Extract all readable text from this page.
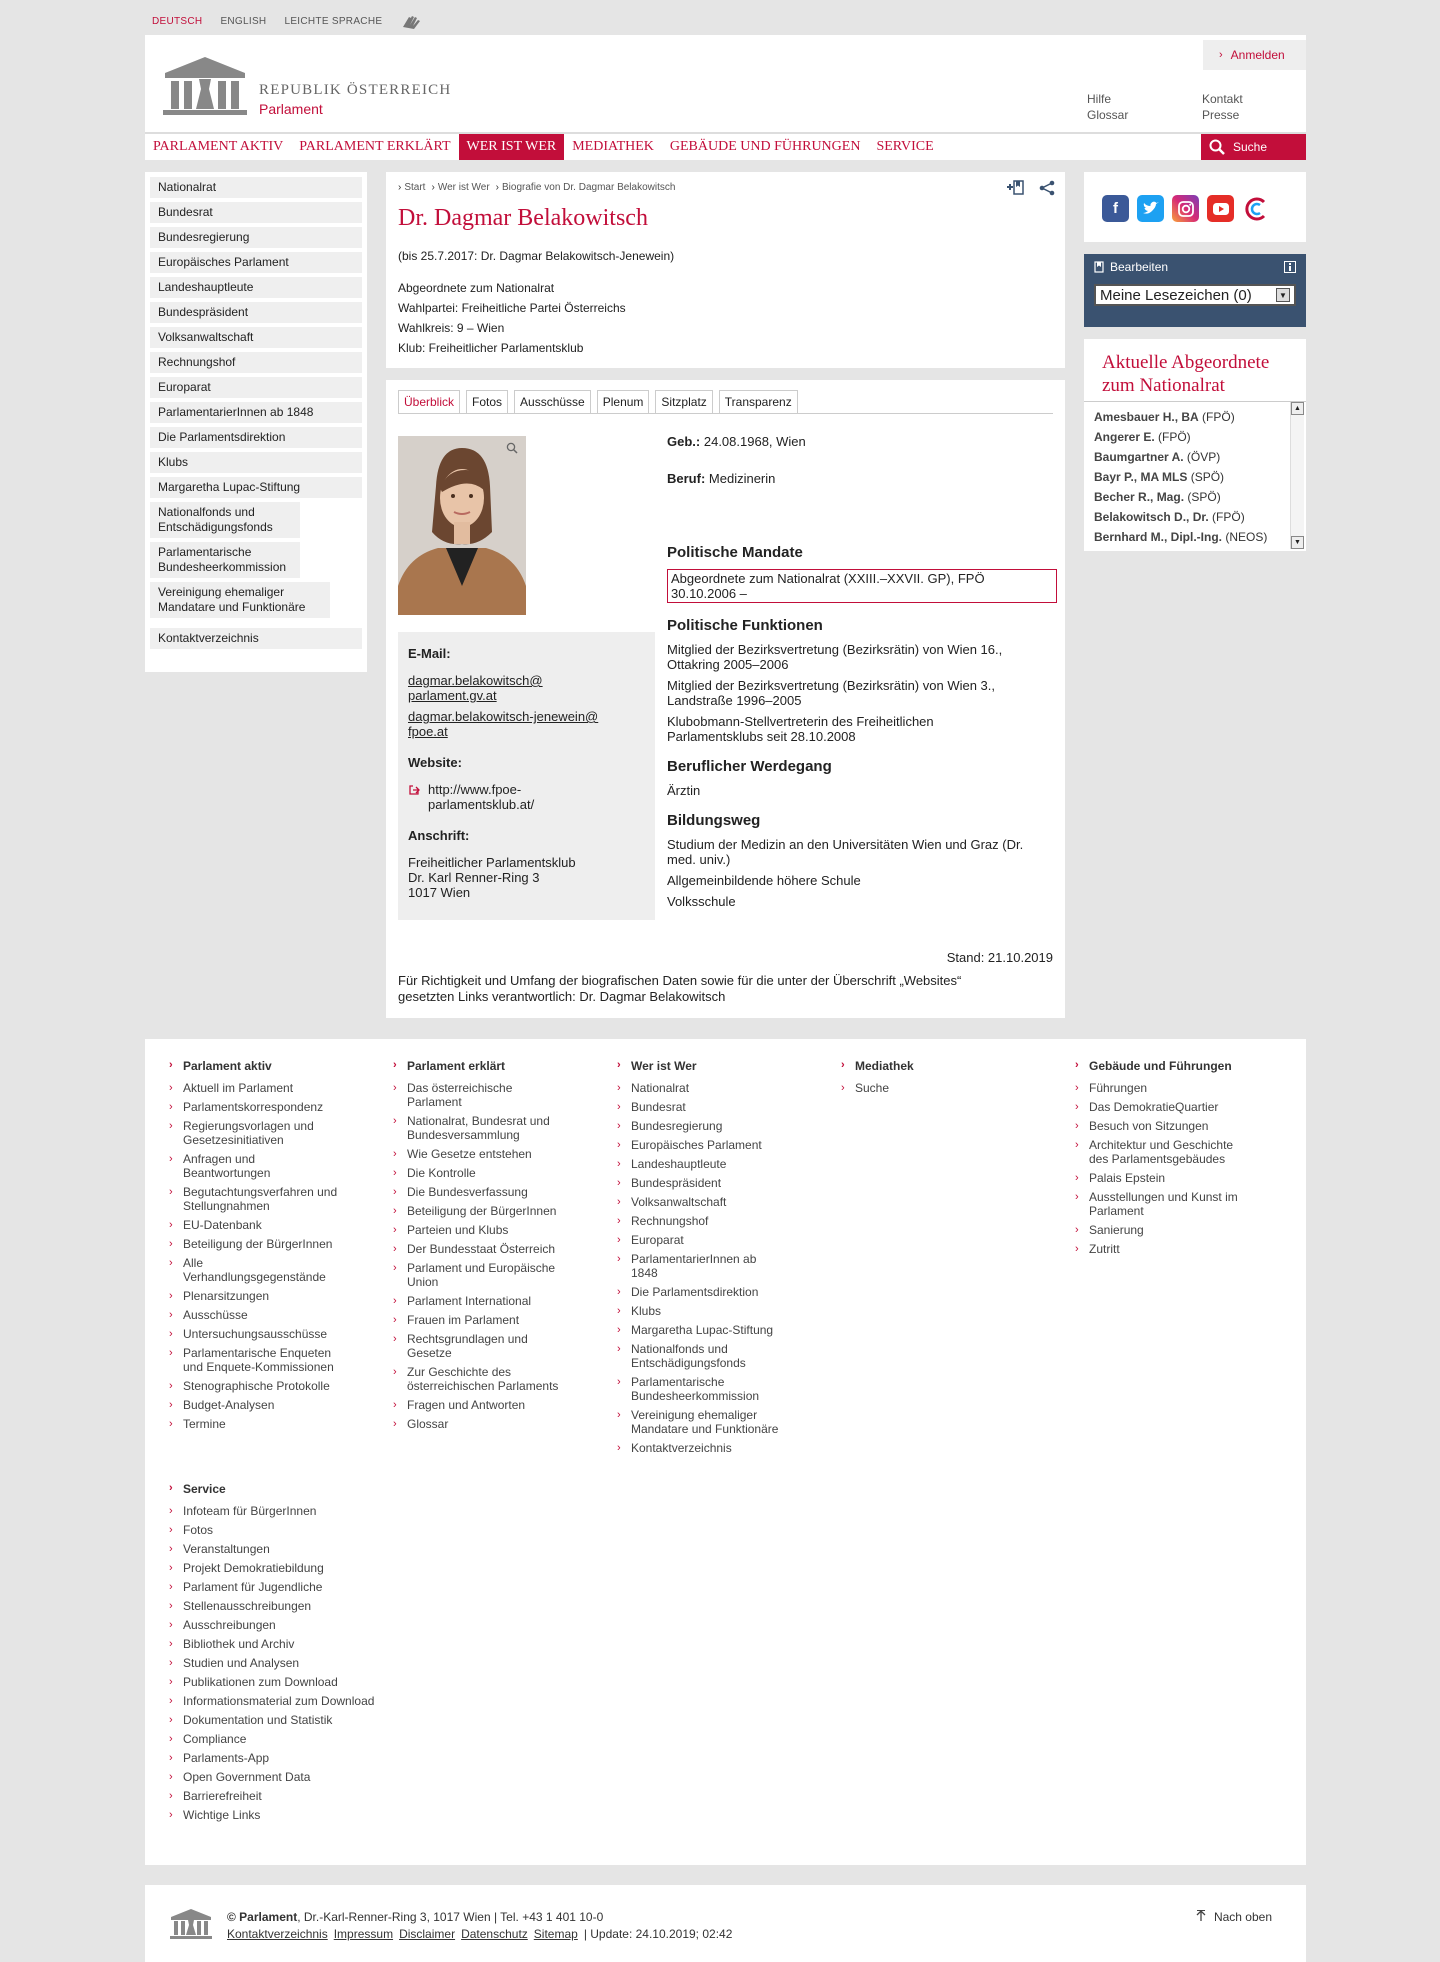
DEUTSCH ENGLISH LEICHTE SPRACHE
REPUBLIK ÖSTERREICH
Parlament
› Anmelden
Hilfe
Glossar
Kontakt
Presse
PARLAMENT AKTIV	PARLAMENT ERKLÄRT	WER IST WER	MEDIATHEK	GEBÄUDE UND FÜHRUNGEN	SERVICE	Suche
Nationalrat
Bundesrat
Bundesregierung
Europäisches Parlament
Landeshauptleute
Bundespräsident
Volksanwaltschaft
Rechnungshof
Europarat
ParlamentarierInnen ab 1848
Die Parlamentsdirektion
Klubs
Margaretha Lupac-Stiftung
Nationalfonds und Entschädigungsfonds
Parlamentarische Bundesheerkommission
Vereinigung ehemaliger Mandatare und Funktionäre
Kontaktverzeichnis
› Start	› Wer ist Wer	› Biografie von Dr. Dagmar Belakowitsch
Dr. Dagmar Belakowitsch
(bis 25.7.2017: Dr. Dagmar Belakowitsch-Jenewein)
Abgeordnete zum Nationalrat
Wahlpartei: Freiheitliche Partei Österreichs
Wahlkreis: 9 – Wien
Klub: Freiheitlicher Parlamentsklub
Überblick	Fotos	Ausschüsse	Plenum	Sitzplatz	Transparenz
E-Mail:
dagmar.belakowitsch@
parlament.gv.at
dagmar.belakowitsch-jenewein@
fpoe.at
Website:
http://www.fpoe-
parlamentsklub.at/
Anschrift:
Freiheitlicher Parlamentsklub
Dr. Karl Renner-Ring 3
1017 Wien
Geb.: 24.08.1968, Wien
Beruf: Medizinerin
Politische Mandate
Abgeordnete zum Nationalrat (XXIII.–XXVII. GP), FPÖ
30.10.2006 –
Politische Funktionen
Mitglied der Bezirksvertretung (Bezirksrätin) von Wien 16.,
Ottakring 2005–2006
Mitglied der Bezirksvertretung (Bezirksrätin) von Wien 3.,
Landstraße 1996–2005
Klubobmann-Stellvertreterin des Freiheitlichen
Parlamentsklubs seit 28.10.2008
Beruflicher Werdegang
Ärztin
Bildungsweg
Studium der Medizin an den Universitäten Wien und Graz (Dr.
med. univ.)
Allgemeinbildende höhere Schule
Volksschule
Stand: 21.10.2019
Für Richtigkeit und Umfang der biografischen Daten sowie für die unter der Überschrift „Websites“
gesetzten Links verantwortlich: Dr. Dagmar Belakowitsch
f
Bearbeiten
Meine Lesezeichen (0)	▼
Aktuelle Abgeordnete
zum Nationalrat
Amesbauer H., BA (FPÖ)
Angerer E. (FPÖ)
Baumgartner A. (ÖVP)
Bayr P., MA MLS (SPÖ)
Becher R., Mag. (SPÖ)
Belakowitsch D., Dr. (FPÖ)
Bernhard M., Dipl.-Ing. (NEOS)
▲
▼
› Parlament aktiv
› Aktuell im Parlament
› Parlamentskorrespondenz
› Regierungsvorlagen und
Gesetzesinitiativen
› Anfragen und
Beantwortungen
› Begutachtungsverfahren und
Stellungnahmen
› EU-Datenbank
› Beteiligung der BürgerInnen
› Alle
Verhandlungsgegenstände
› Plenarsitzungen
› Ausschüsse
› Untersuchungsausschüsse
› Parlamentarische Enqueten
und Enquete-Kommissionen
› Stenographische Protokolle
› Budget-Analysen
› Termine
› Parlament erklärt
› Das österreichische
Parlament
› Nationalrat, Bundesrat und
Bundesversammlung
› Wie Gesetze entstehen
› Die Kontrolle
› Die Bundesverfassung
› Beteiligung der BürgerInnen
› Parteien und Klubs
› Der Bundesstaat Österreich
› Parlament und Europäische
Union
› Parlament International
› Frauen im Parlament
› Rechtsgrundlagen und
Gesetze
› Zur Geschichte des
österreichischen Parlaments
› Fragen und Antworten
› Glossar
› Wer ist Wer
› Nationalrat
› Bundesrat
› Bundesregierung
› Europäisches Parlament
› Landeshauptleute
› Bundespräsident
› Volksanwaltschaft
› Rechnungshof
› Europarat
› ParlamentarierInnen ab
1848
› Die Parlamentsdirektion
› Klubs
› Margaretha Lupac-Stiftung
› Nationalfonds und
Entschädigungsfonds
› Parlamentarische
Bundesheerkommission
› Vereinigung ehemaliger
Mandatare und Funktionäre
› Kontaktverzeichnis
› Mediathek
› Suche
› Gebäude und Führungen
› Führungen
› Das DemokratieQuartier
› Besuch von Sitzungen
› Architektur und Geschichte
des Parlamentsgebäudes
› Palais Epstein
› Ausstellungen und Kunst im
Parlament
› Sanierung
› Zutritt
› Service
› Infoteam für BürgerInnen
› Fotos
› Veranstaltungen
› Projekt Demokratiebildung
› Parlament für Jugendliche
› Stellenausschreibungen
› Ausschreibungen
› Bibliothek und Archiv
› Studien und Analysen
› Publikationen zum Download
› Informationsmaterial zum Download
› Dokumentation und Statistik
› Compliance
› Parlaments-App
› Open Government Data
› Barrierefreiheit
› Wichtige Links
© Parlament, Dr.-Karl-Renner-Ring 3, 1017 Wien | Tel. +43 1 401 10-0
Kontaktverzeichnis Impressum Disclaimer Datenschutz Sitemap | Update: 24.10.2019; 02:42
Nach oben
